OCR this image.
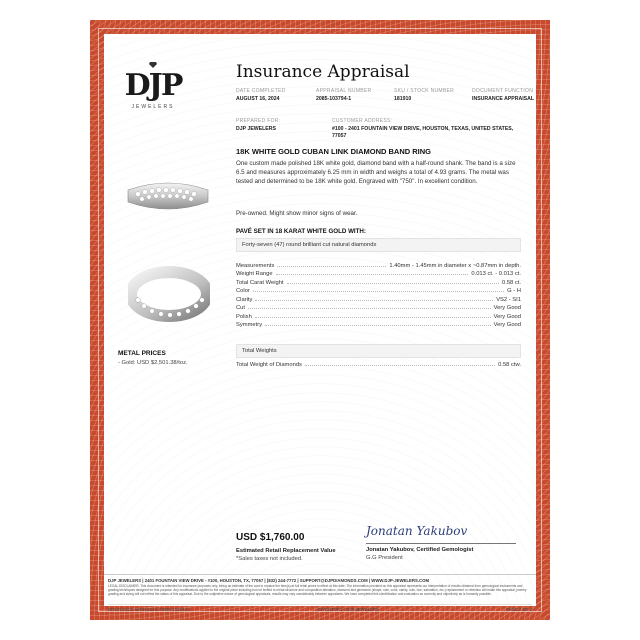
DJP
JEWELERS
Insurance Appraisal
DATE COMPLETED
AUGUST 16, 2024
APPRAISAL NUMBER
2085-103794-1
SKU / STOCK NUMBER
181910
DOCUMENT FUNCTION
INSURANCE APPRAISAL
PREPARED FOR:
DJP JEWELERS
CUSTOMER ADDRESS:
#100 - 2401 FOUNTAIN VIEW DRIVE, HOUSTON, TEXAS, UNITED STATES, 77057
18K WHITE GOLD CUBAN LINK DIAMOND BAND RING
One custom made polished 18K white gold, diamond band with a half-round shank. The band is a size 6.5 and measures approximately 6.25 mm in width and weighs a total of 4.93 grams. The metal was tested and determined to be 18K white gold. Engraved with "750". In excellent condition.
Pre-owned. Might show minor signs of wear.
PAVÉ SET IN 18 KARAT WHITE GOLD WITH:
Forty-seven (47) round brilliant cut natural diamonds
Measurements	1.40mm - 1.45mm in diameter x ~0.87mm in depth.
Weight Range	0.013 ct. - 0.013 ct.
Total Carat Weight	0.58 ct.
Color	G - H
Clarity	VS2 - SI1
Cut	Very Good
Polish	Very Good
Symmetry	Very Good
Total Weights
Total Weight of Diamonds	0.58 ctw.
METAL PRICES
- Gold: USD $2,501.38/toz.
USD $1,760.00
Estimated Retail Replacement Value
*Sales taxes not included.
Jonatan Yakubov
Jonatan Yakubov, Certified Gemologist
G.G President
DJP JEWELERS | 2401 FOUNTAIN VIEW DRIVE - #100, HOUSTON, TX, 77057 | (832) 244-7772 | SUPPORT@DJPDIAMONDS.COM | WWW.DJP-JEWELERS.COM
LEGAL DISCLAIMER: This document is intended for insurance purposes only, being an estimate of the cost to replace the item(s) at full retail prices in effect at this date. The information provided on this appraisal represents our interpretation of results obtained from gemological instruments and grading techniques designed for this purpose. Any modifications applied to the original piece including but not limited to metal structure and composition alteration, diamond and gemstone (shape, size, color, clarity, cuts, hue, saturation, etc.) replacement or retention will make this appraisal, jewelry grading and sizing will not reflect the status of this appraisal. Due to the subjective nature of gemological appraisals, results may vary considerably between appraisers. We have completed this identification and evaluation as correctly and objectively as is humanly possible.
INSURANCE APPRAISAL #2085-103794-1	INVENTORY / DJP JEWELERS	PAGE 2 OF 2
